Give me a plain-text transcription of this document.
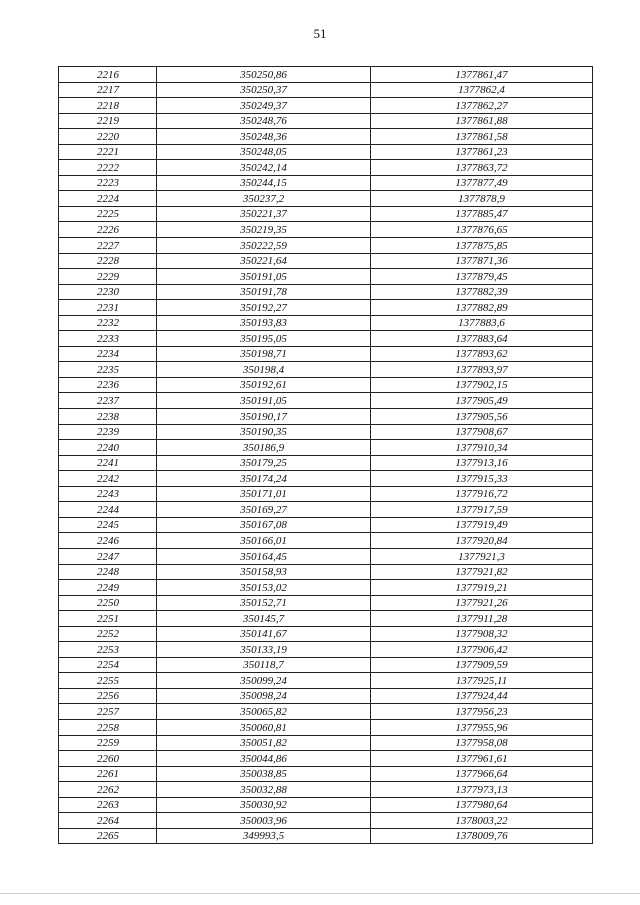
51
2216	350250,86	1377861,47
2217	350250,37	1377862,4
2218	350249,37	1377862,27
2219	350248,76	1377861,88
2220	350248,36	1377861,58
2221	350248,05	1377861,23
2222	350242,14	1377863,72
2223	350244,15	1377877,49
2224	350237,2	1377878,9
2225	350221,37	1377885,47
2226	350219,35	1377876,65
2227	350222,59	1377875,85
2228	350221,64	1377871,36
2229	350191,05	1377879,45
2230	350191,78	1377882,39
2231	350192,27	1377882,89
2232	350193,83	1377883,6
2233	350195,05	1377883,64
2234	350198,71	1377893,62
2235	350198,4	1377893,97
2236	350192,61	1377902,15
2237	350191,05	1377905,49
2238	350190,17	1377905,56
2239	350190,35	1377908,67
2240	350186,9	1377910,34
2241	350179,25	1377913,16
2242	350174,24	1377915,33
2243	350171,01	1377916,72
2244	350169,27	1377917,59
2245	350167,08	1377919,49
2246	350166,01	1377920,84
2247	350164,45	1377921,3
2248	350158,93	1377921,82
2249	350153,02	1377919,21
2250	350152,71	1377921,26
2251	350145,7	1377911,28
2252	350141,67	1377908,32
2253	350133,19	1377906,42
2254	350118,7	1377909,59
2255	350099,24	1377925,11
2256	350098,24	1377924,44
2257	350065,82	1377956,23
2258	350060,81	1377955,96
2259	350051,82	1377958,08
2260	350044,86	1377961,61
2261	350038,85	1377966,64
2262	350032,88	1377973,13
2263	350030,92	1377980,64
2264	350003,96	1378003,22
2265	349993,5	1378009,76
